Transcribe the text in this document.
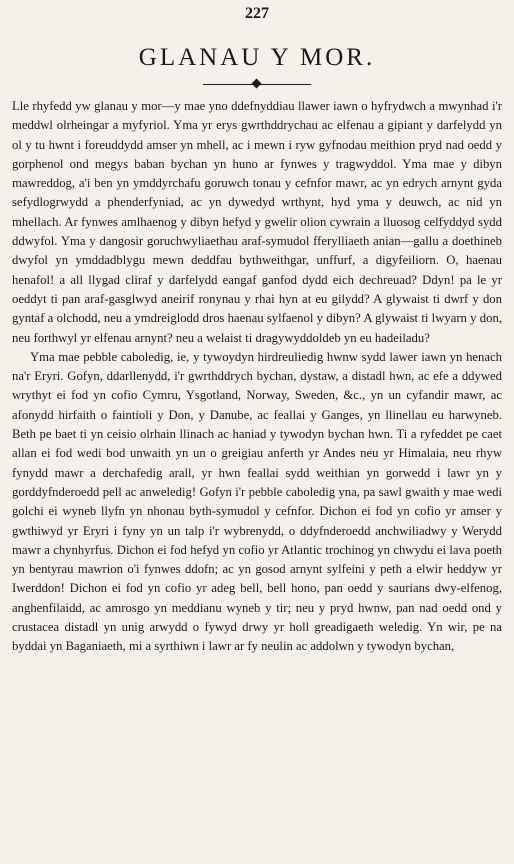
227
GLANAU Y MOR.

Lle rhyfedd yw glanau y mor—y mae yno ddefnyddiau llawer iawn o hyfrydwch a mwynhad i'r meddwl olrheingar a myfyriol. Yma yr erys gwrthddrychau ac elfenau a gipiant y darfelydd yn ol y tu hwnt i foreuddydd amser yn mhell, ac i mewn i ryw gyfnodau meithion pryd nad oedd y gorphenol ond megys baban bychan yn huno ar fynwes y tragwyddol. Yma mae y dibyn mawreddog, a'i ben yn ymddyrchafu goruwch tonau y cefnfor mawr, ac yn edrych arnynt gyda sefydlogrwydd a phenderfyniad, ac yn dywedyd wrthynt, hyd yma y deuwch, ac nid yn mhellach. Ar fynwes amlhaenog y dibyn hefyd y gwelir olion cywrain a lluosog celfyddyd sydd ddwyfol. Yma y dangosir goruchwyliaethau araf-symudol fferylliaeth anian—gallu a doethineb dwyfol yn ymddadblygu mewn deddfau bythweithgar, unffurf, a digyfeiliorn. O, haenau henafol! a all llygad cliraf y darfelydd eangaf ganfod dydd eich dechreuad? Ddyn! pa le yr oeddyt ti pan araf-gasglwyd aneirif ronynau y rhai hyn at eu gilydd? A glywaist ti dwrf y don gyntaf a olchodd, neu a ymdreiglodd dros haenau sylfaenol y dibyn? A glywaist ti lwyarn y don, neu forthwyl yr elfenau arnynt? neu a welaist ti dragywyddoldeb yn eu hadeiladu?

Yma mae pebble caboledig, ie, y tywoydyn hirdreuliedig hwnw sydd lawer iawn yn henach na'r Eryri. Gofyn, ddarllenydd, i'r gwrthddrych bychan, dystaw, a distadl hwn, ac efe a ddywed wrythyt ei fod yn cofio Cymru, Ysgotland, Norway, Sweden, &c., yn un cyfandir mawr, ac afonydd hirfaith o faintioli y Don, y Danube, ac feallai y Ganges, yn llinellau eu harwyneb. Beth pe baet ti yn ceisio olrhain llinach ac haniad y tywodyn bychan hwn. Ti a ryfeddet pe caet allan ei fod wedi bod unwaith yn un o greigiau anferth yr Andes neu yr Himalaia, neu rhyw fynydd mawr a derchafedig arall, yr hwn feallai sydd weithian yn gorwedd i lawr yn y gorddyfnderoedd pell ac anweledig! Gofyn i'r pebble caboledig yna, pa sawl gwaith y mae wedi golchi ei wyneb llyfn yn nhonau byth-symudol y cefnfor. Dichon ei fod yn cofio yr amser y gwthiwyd yr Eryri i fyny yn un talp i'r wybrenydd, o ddyfnderoedd anchwiliadwy y Werydd mawr a chynhyrfus. Dichon ei fod hefyd yn cofio yr Atlantic trochinog yn chwydu ei lava poeth yn bentyrau mawrion o'i fynwes ddofn; ac yn gosod arnynt sylfeini y peth a elwir heddyw yr Iwerddon! Dichon ei fod yn cofio yr adeg bell, bell hono, pan oedd y saurians dwy-elfenog, anghenfilaidd, ac amrosgo yn meddianu wyneb y tir; neu y pryd hwnw, pan nad oedd ond y crustacea distadl yn unig arwydd o fywyd drwy yr holl greadigaeth weledig. Yn wir, pe na byddai yn Baganiaeth, mi a syrthiwn i lawr ar fy neulin ac addolwn y tywodyn bychan,
